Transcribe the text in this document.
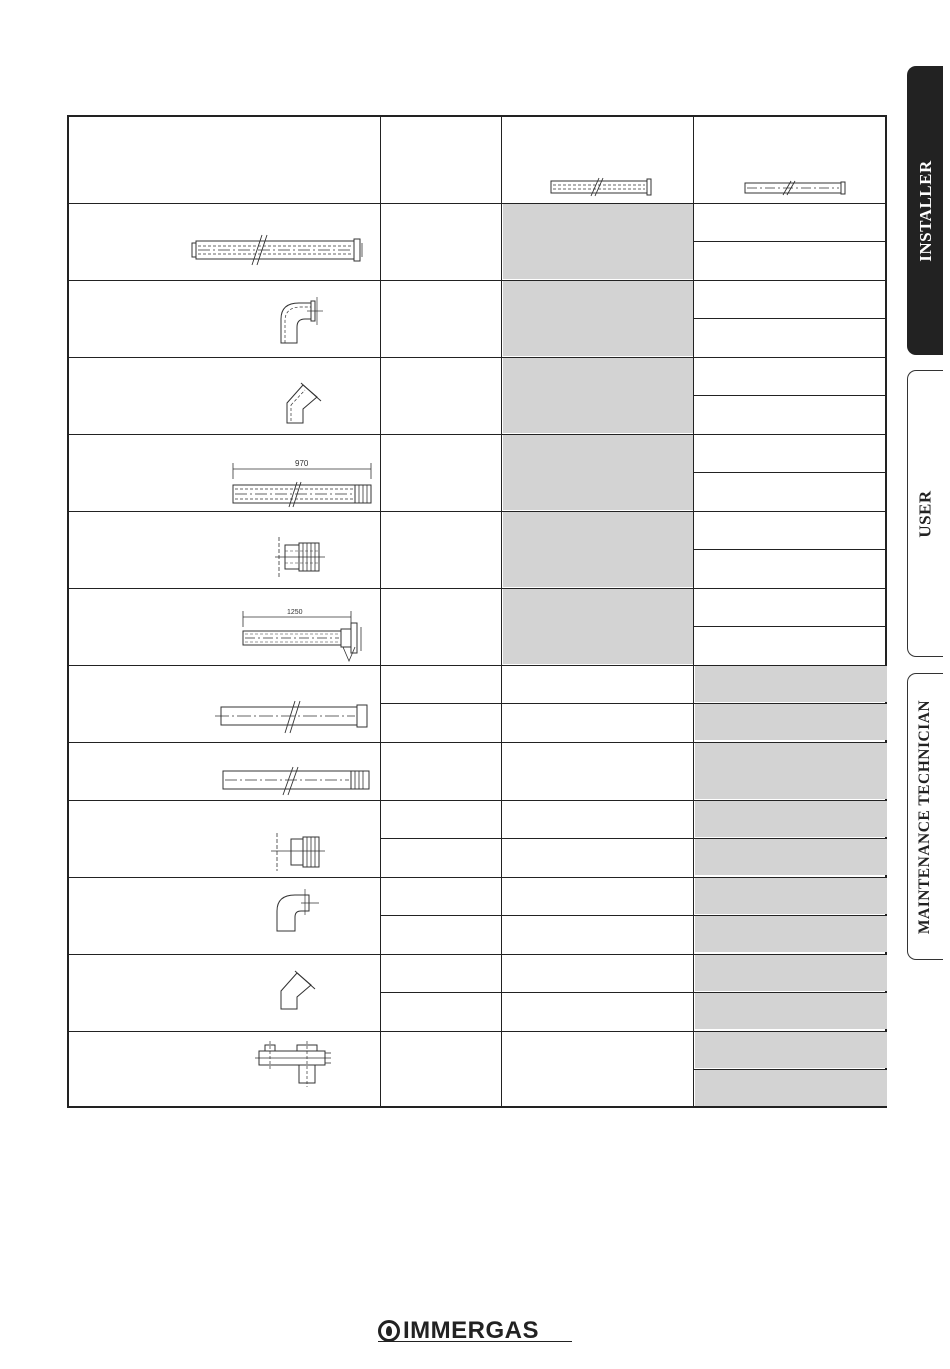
INSTALLER
USER
MAINTENANCE TECHNICIAN
970
1250
IMMERGAS
